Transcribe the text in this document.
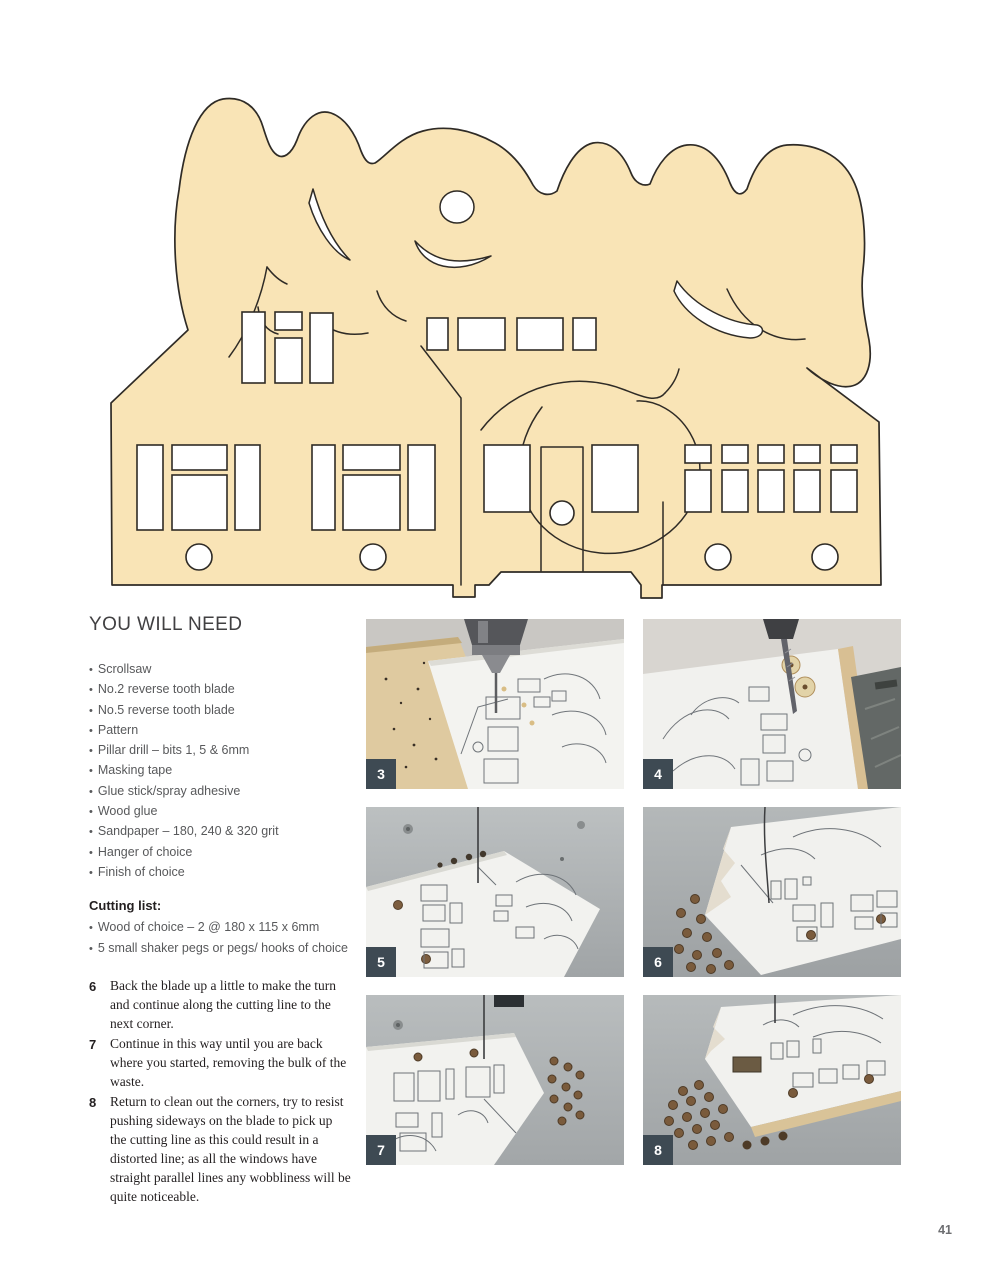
YOU WILL NEED
• Scrollsaw
• No.2 reverse tooth blade
• No.5 reverse tooth blade
• Pattern
• Pillar drill – bits 1, 5 & 6mm
• Masking tape
• Glue stick/spray adhesive
• Wood glue
• Sandpaper – 180, 240 & 320 grit
• Hanger of choice
• Finish of choice
Cutting list:
• Wood of choice – 2 @ 180 x 115 x 6mm
• 5 small shaker pegs or pegs/ hooks of choice
6	Back the blade up a little to make the turn and continue along the cutting line to the next corner.
7	Continue in this way until you are back where you started, removing the bulk of the waste.
8	Return to clean out the corners, try to resist pushing sideways on the blade to pick up the cutting line as this could result in a distorted line; as all the windows have straight parallel lines any wobbliness will be quite noticeable.
3	4
5	6
7	8
41
